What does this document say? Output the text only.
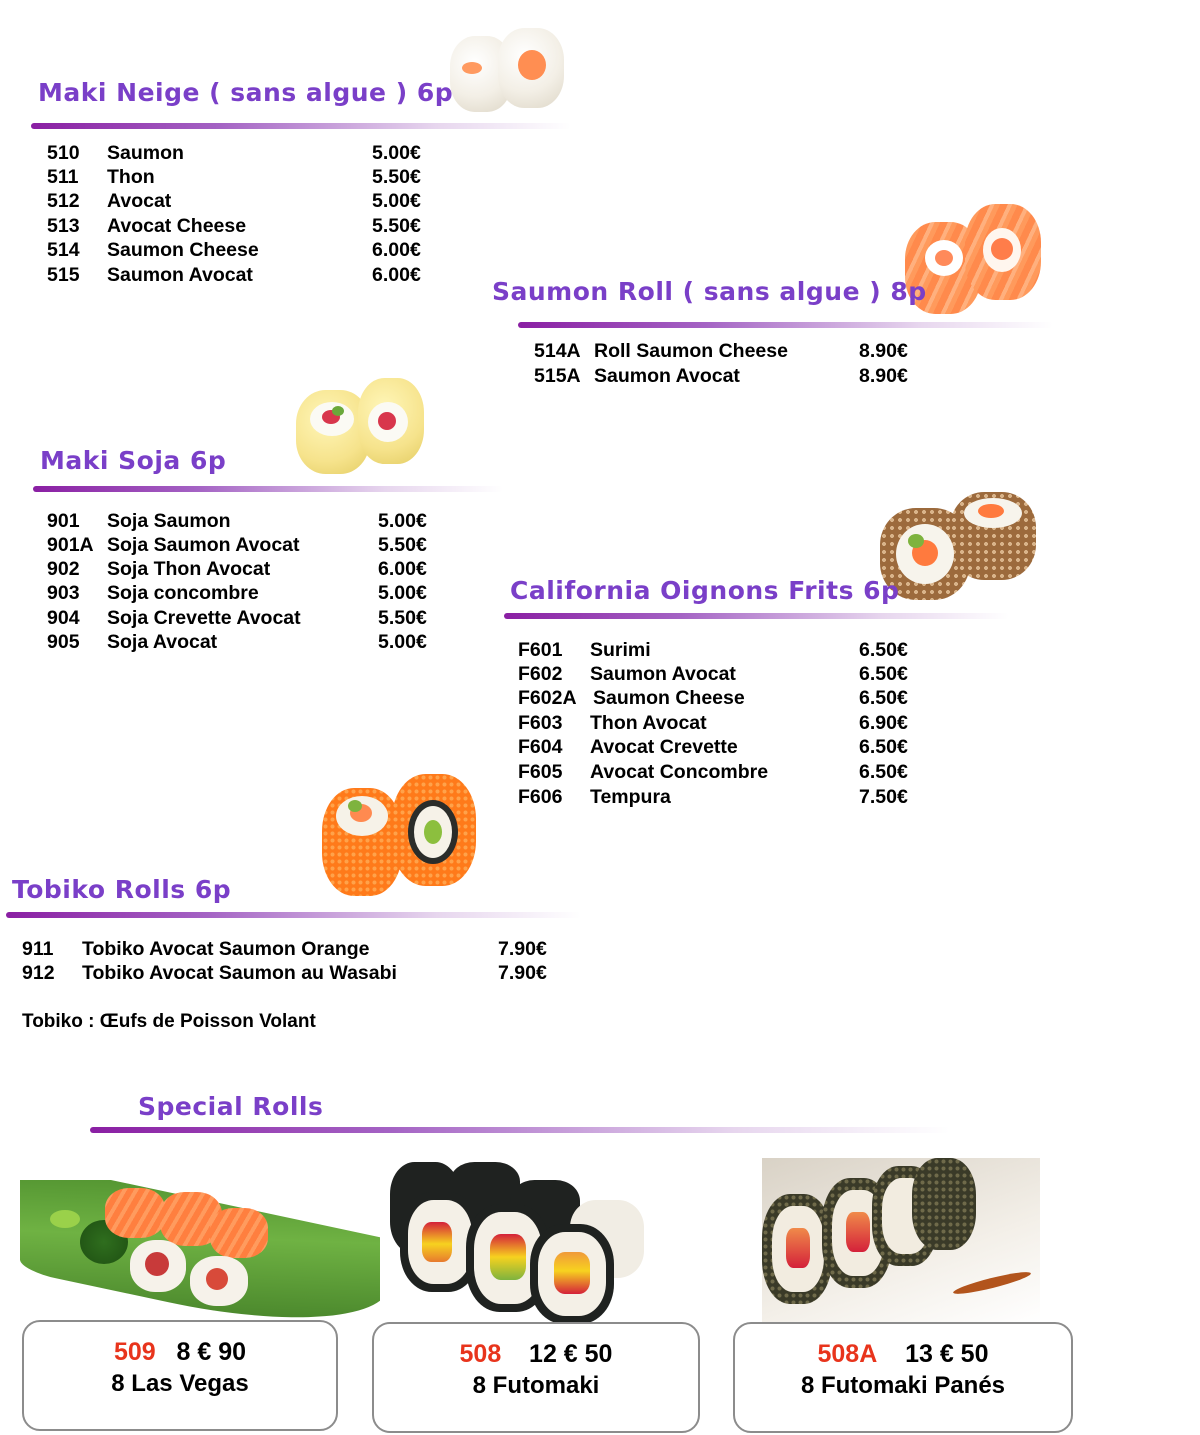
Maki Neige ( sans algue ) 6p
510 Saumon	5.00€
511 Thon	5.50€
512 Avocat	5.00€
513 Avocat Cheese	5.50€
514 Saumon Cheese	6.00€
515 Saumon Avocat	6.00€
Saumon Roll ( sans algue ) 8p
514A Roll Saumon Cheese	8.90€
515A Saumon Avocat	8.90€
Maki Soja 6p
901 Soja Saumon	5.00€
901A Soja Saumon Avocat	5.50€
902 Soja Thon Avocat	6.00€
903 Soja concombre	5.00€
904 Soja Crevette Avocat	5.50€
905 Soja Avocat	5.00€
California Oignons Frits 6p
F601 Surimi	6.50€
F602 Saumon Avocat	6.50€
F602A Saumon Cheese	6.50€
F603 Thon Avocat	6.90€
F604 Avocat Crevette	6.50€
F605 Avocat Concombre	6.50€
F606 Tempura	7.50€
Tobiko Rolls 6p
911 Tobiko Avocat Saumon Orange	7.90€
912 Tobiko Avocat Saumon au Wasabi	7.90€
Tobiko : Œufs de Poisson Volant
Special Rolls
509 8 € 90
8 Las Vegas
508 12 € 50
8 Futomaki
508A 13 € 50
8 Futomaki Panés
